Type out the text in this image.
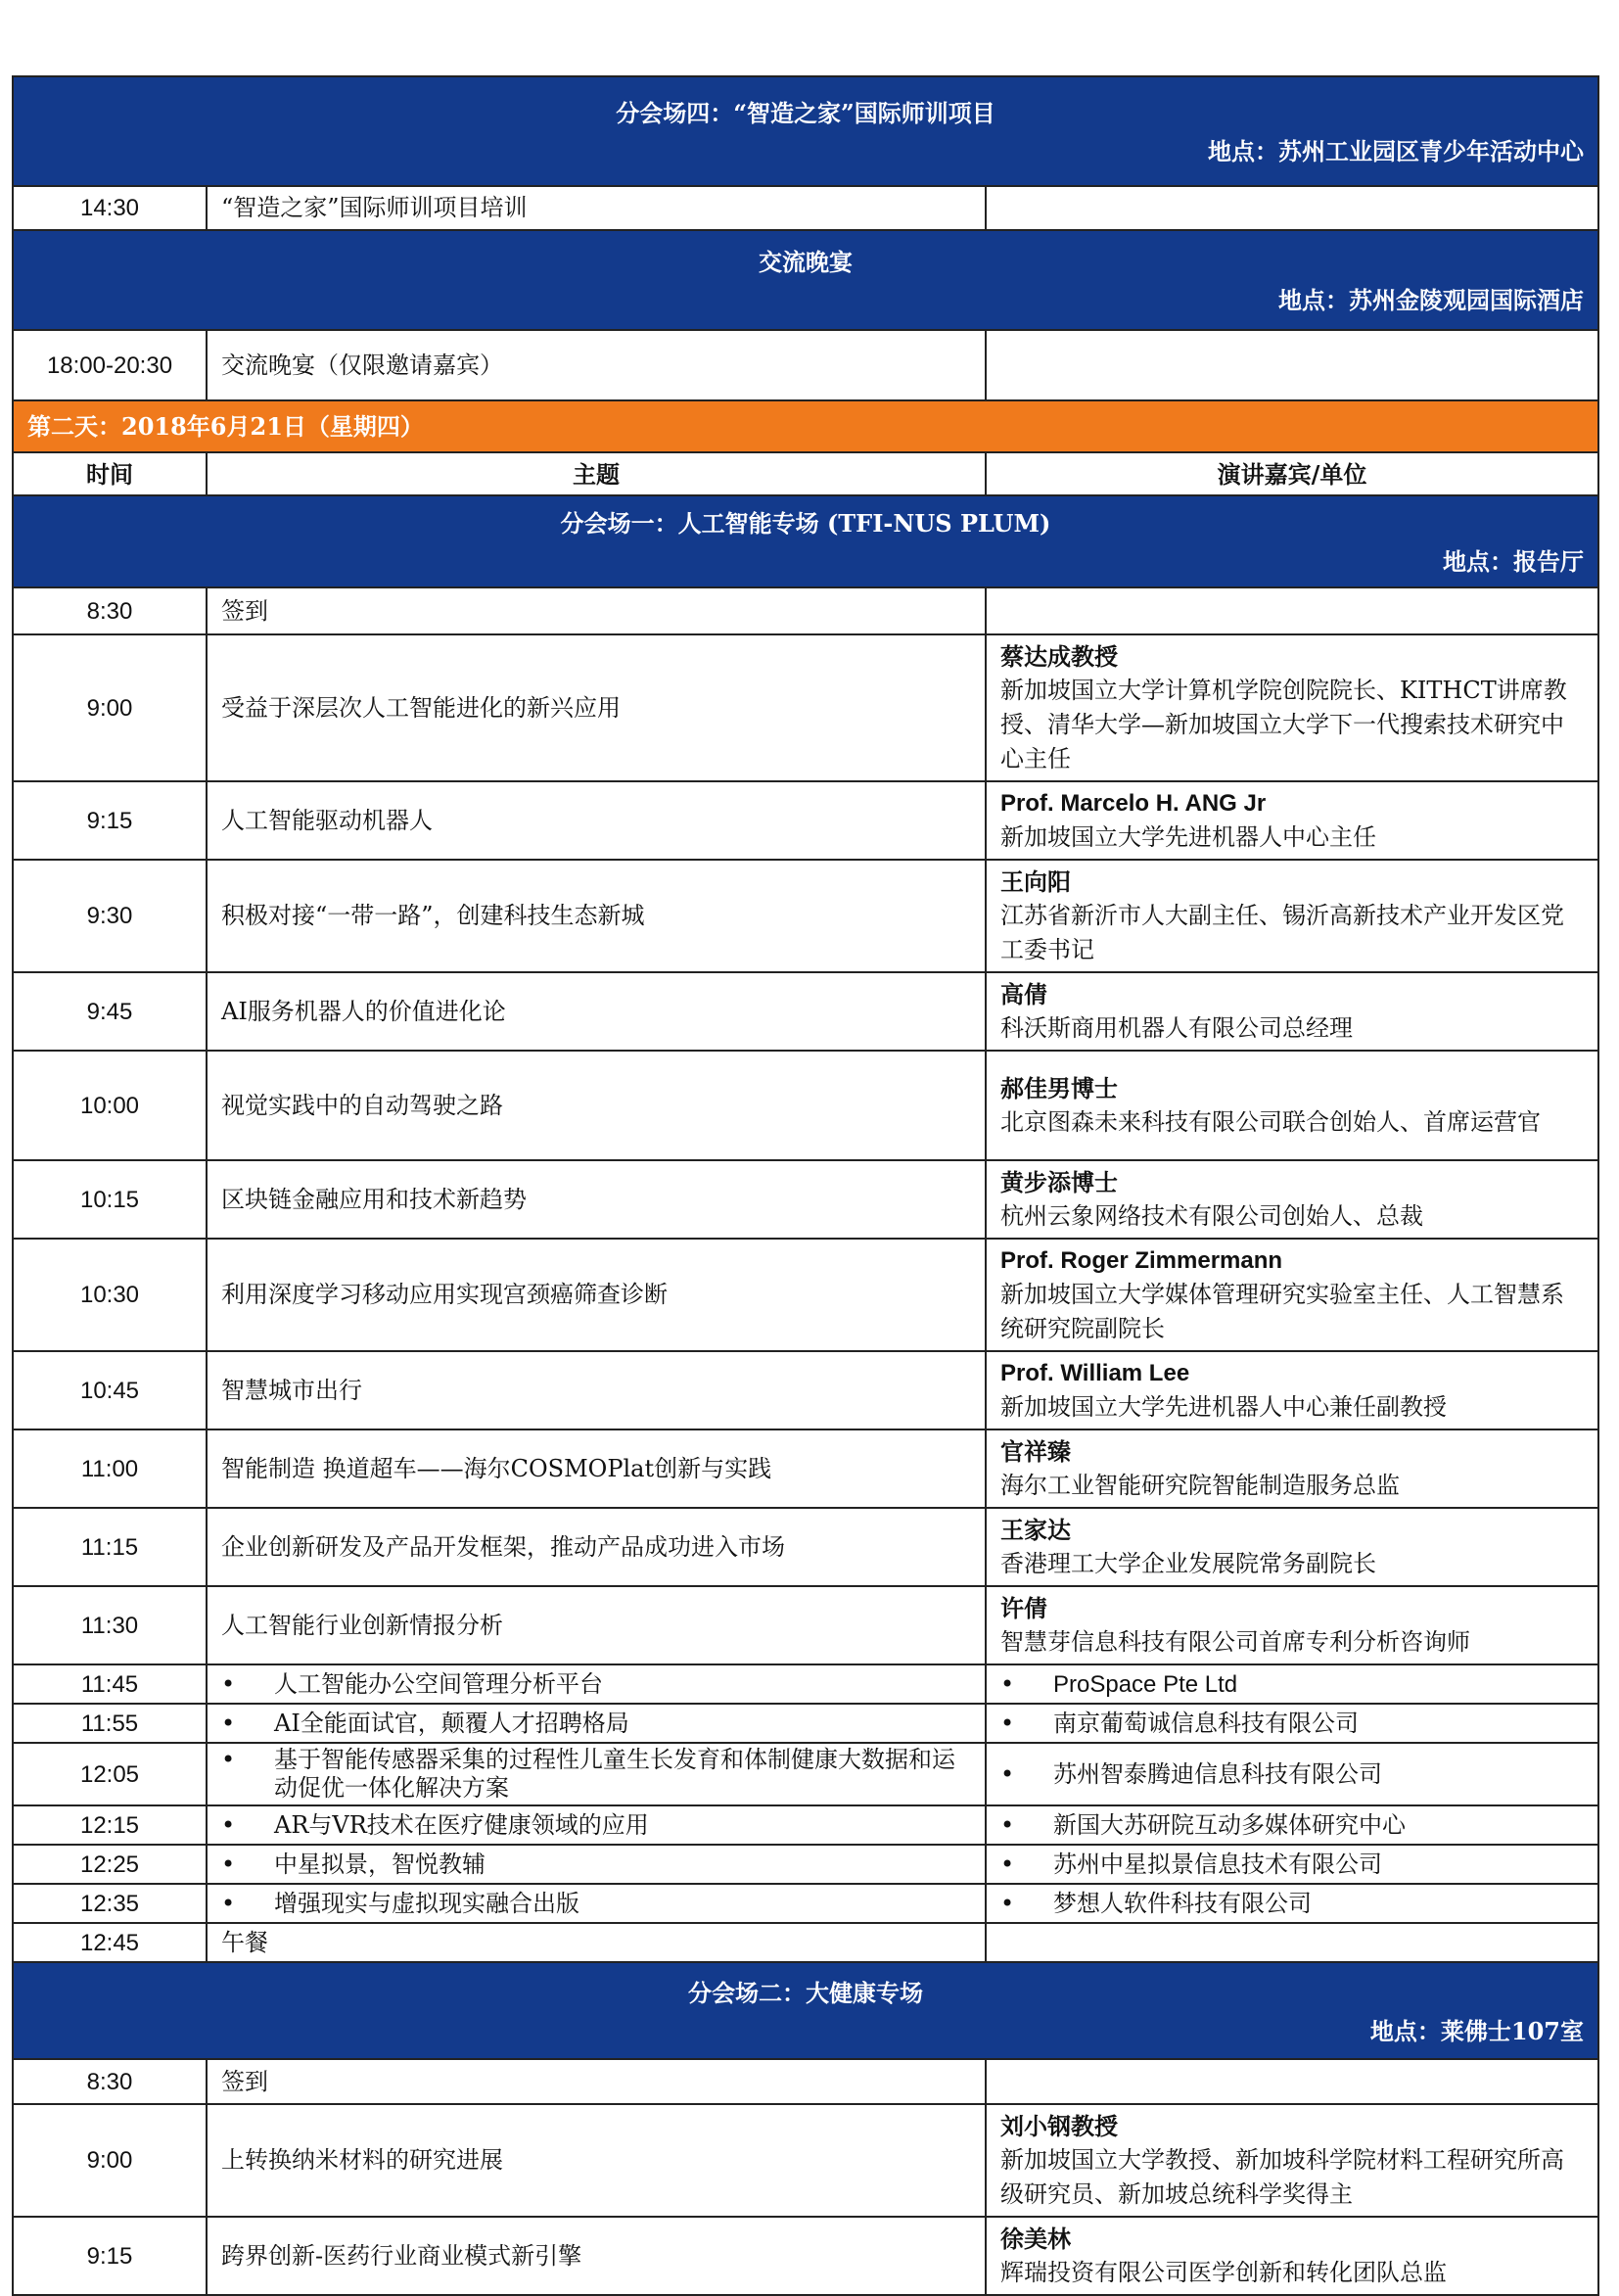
分会场四：“智造之家”国际师训项目
地点：苏州工业园区青少年活动中心		

14:30	“智造之家”国际师训项目培训	

交流晚宴
地点：苏州金陵观园国际酒店		

18:00-20:30	交流晚宴（仅限邀请嘉宾）	
第二天：2018年6月21日（星期四）		
时间	主题	演讲嘉宾/单位

分会场一：人工智能专场 (TFI-NUS PLUM)
地点：报告厅		

8:30	签到	
9:00	受益于深层次人工智能进化的新兴应用	蔡达成教授
新加坡国立大学计算机学院创院院长、KITHCT讲席教授、清华大学—新加坡国立大学下一代搜索技术研究中心主任

9:15	人工智能驱动机器人	Prof. Marcelo H. ANG Jr
新加坡国立大学先进机器人中心主任

9:30	积极对接“一带一路”，创建科技生态新城	王向阳
江苏省新沂市人大副主任、锡沂高新技术产业开发区党工委书记

9:45	AI服务机器人的价值进化论	高倩
科沃斯商用机器人有限公司总经理

10:00	视觉实践中的自动驾驶之路	郝佳男博士
北京图森未来科技有限公司联合创始人、首席运营官

10:15	区块链金融应用和技术新趋势	黄步添博士
杭州云象网络技术有限公司创始人、总裁

10:30	利用深度学习移动应用实现宫颈癌筛查诊断	Prof. Roger Zimmermann
新加坡国立大学媒体管理研究实验室主任、人工智慧系统研究院副院长

10:45	智慧城市出行	Prof. William Lee
新加坡国立大学先进机器人中心兼任副教授

11:00	智能制造 换道超车——海尔COSMOPlat创新与实践	官祥臻
海尔工业智能研究院智能制造服务总监

11:15	企业创新研发及产品开发框架，推动产品成功进入市场	王家达
香港理工大学企业发展院常务副院长

11:30	人工智能行业创新情报分析	许倩
智慧芽信息科技有限公司首席专利分析咨询师

11:45	• 人工智能办公空间管理分析平台	• ProSpace Pte Ltd

11:55	• AI全能面试官，颠覆人才招聘格局	• 南京葡萄诚信息科技有限公司

12:05	• 基于智能传感器采集的过程性儿童生长发育和体制健康大数据和运动促优一体化解决方案	• 苏州智泰腾迪信息科技有限公司

12:15	• AR与VR技术在医疗健康领域的应用	• 新国大苏研院互动多媒体研究中心

12:25	• 中星拟景，智悦教辅	• 苏州中星拟景信息技术有限公司

12:35	• 增强现实与虚拟现实融合出版	• 梦想人软件科技有限公司

12:45	午餐	

分会场二：大健康专场
地点：莱佛士107室		

8:30	签到	
9:00	上转换纳米材料的研究进展	刘小钢教授
新加坡国立大学教授、新加坡科学院材料工程研究所高级研究员、新加坡总统科学奖得主

9:15	跨界创新-医药行业商业模式新引擎	徐美林
辉瑞投资有限公司医学创新和转化团队总监
